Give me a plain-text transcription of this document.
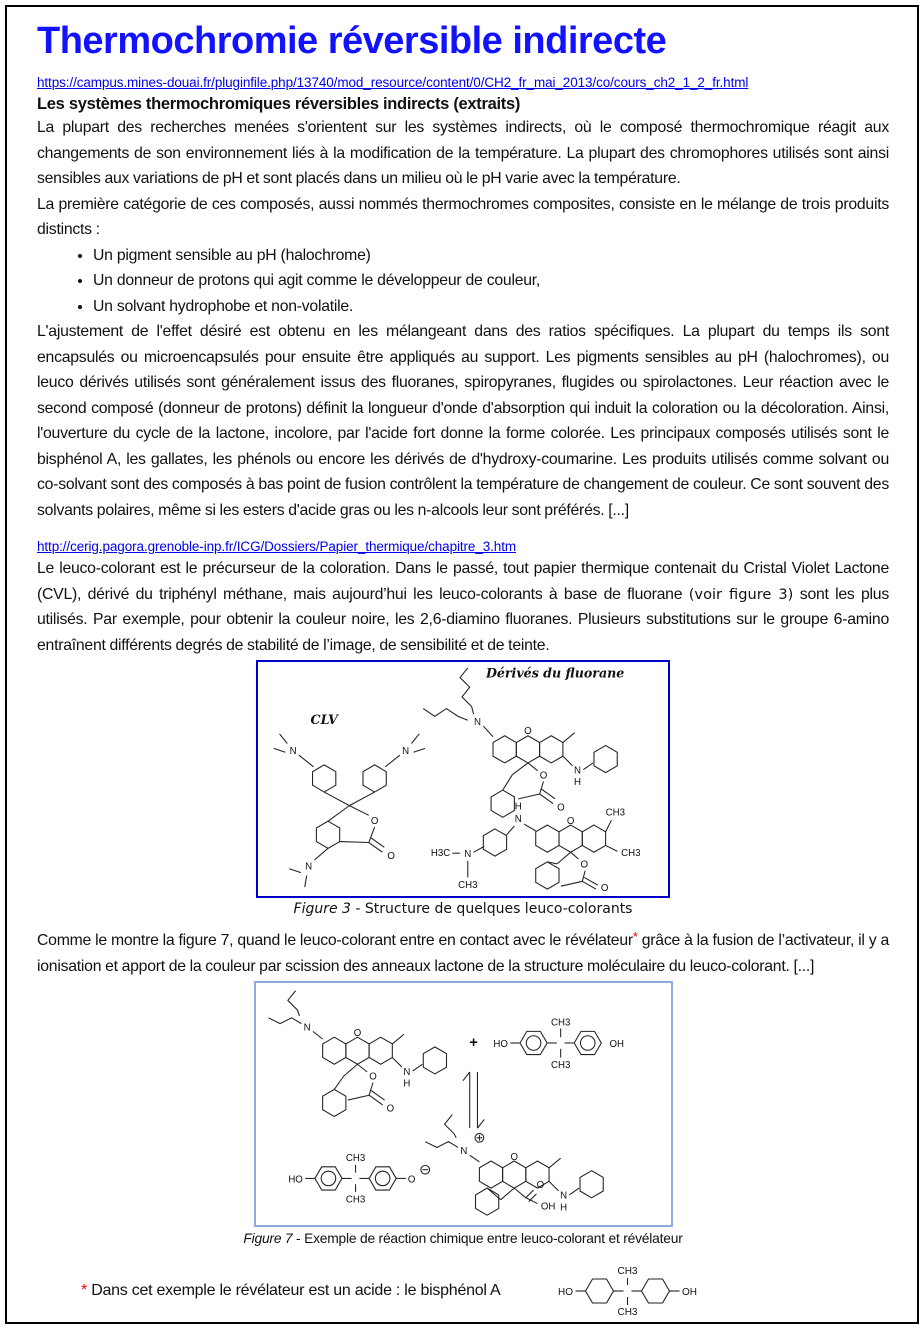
Thermochromie réversible indirecte
https://campus.mines-douai.fr/pluginfile.php/13740/mod_resource/content/0/CH2_fr_mai_2013/co/cours_ch2_1_2_fr.html
Les systèmes thermochromiques réversibles indirects (extraits)

La plupart des recherches menées s'orientent sur les systèmes indirects, où le composé thermochromique réagit aux changements de son environnement liés à la modification de la température. La plupart des chromophores utilisés sont ainsi sensibles aux variations de pH et sont placés dans un milieu où le pH varie avec la température.

La première catégorie de ces composés, aussi nommés thermochromes composites, consiste en le mélange de trois produits distincts :

• Un pigment sensible au pH (halochrome)
• Un donneur de protons qui agit comme le développeur de couleur,
• Un solvant hydrophobe et non-volatile.

L'ajustement de l'effet désiré est obtenu en les mélangeant dans des ratios spécifiques. La plupart du temps ils sont encapsulés ou microencapsulés pour ensuite être appliqués au support. Les pigments sensibles au pH (halochromes), ou leuco dérivés utilisés sont généralement issus des fluoranes, spiropyranes, flugides ou spirolactones. Leur réaction avec le second composé (donneur de protons) définit la longueur d'onde d'absorption qui induit la coloration ou la décoloration. Ainsi, l'ouverture du cycle de la lactone, incolore, par l'acide fort donne la forme colorée. Les principaux composés utilisés sont le bisphénol A, les gallates, les phénols ou encore les dérivés de d'hydroxy-coumarine. Les produits utilisés comme solvant ou co-solvant sont des composés à bas point de fusion contrôlent la température de changement de couleur. Ce sont souvent des solvants polaires, même si les esters d'acide gras ou les n-alcools leur sont préférés. [...]

http://cerig.pagora.grenoble-inp.fr/ICG/Dossiers/Papier_thermique/chapitre_3.htm

Le leuco-colorant est le précurseur de la coloration. Dans le passé, tout papier thermique contenait du Cristal Violet Lactone (CVL), dérivé du triphényl méthane, mais aujourd’hui les leuco-colorants à base de fluorane (voir figure 3) sont les plus utilisés. Par exemple, pour obtenir la couleur noire, les 2,6-diamino fluoranes. Plusieurs substitutions sur le groupe 6-amino entraînent différents degrés de stabilité de l’image, de sensibilité et de teinte.

CLV
N	N
O
O
N
Dérivés du fluorane
N
O
N
H
O
O
H3C N
CH3
H
N	O
CH3
CH3
O
O

Figure 3 - Structure de quelques leuco-colorants

Comme le montre la figure 7, quand le leuco-colorant entre en contact avec le révélateur* grâce à la fusion de l’activateur, il y a ionisation et apport de la couleur par scission des anneaux lactone de la structure moléculaire du leuco-colorant. [...]

N
O
N
H
O
O
+ HO
CH3
CH3
OH
HO
CH3
CH3
O
N
O
N
H
O
OH

Figure 7 - Exemple de réaction chimique entre leuco-colorant et révélateur

* Dans cet exemple le révélateur est un acide : le bisphénol A	HO
CH3
CH3
OH
